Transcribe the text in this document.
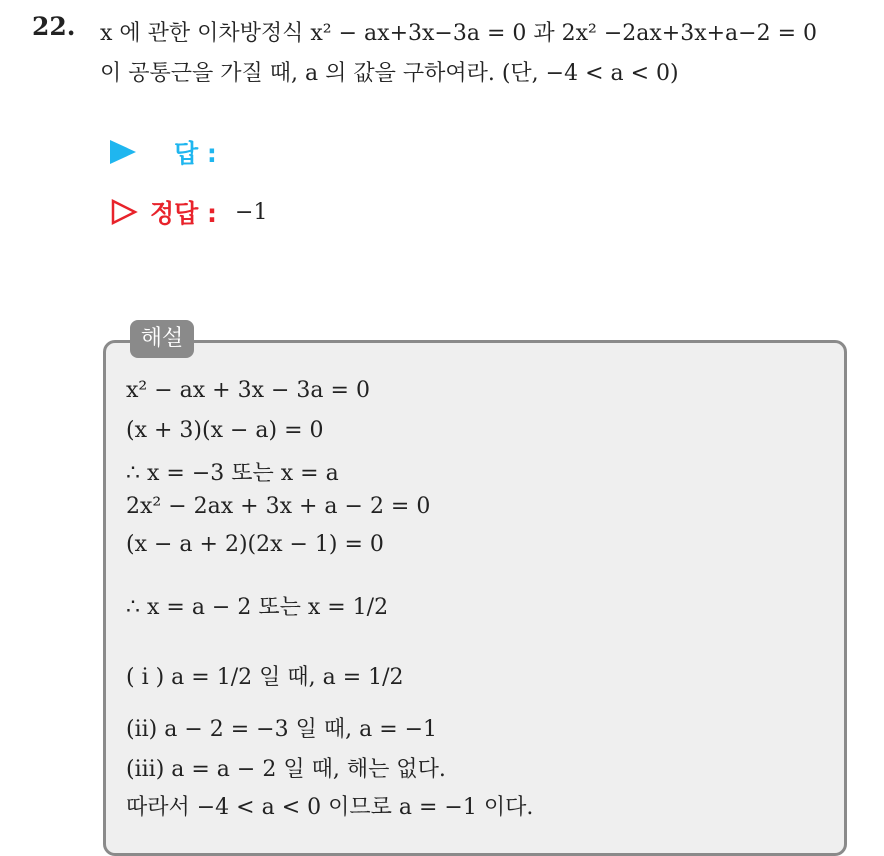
22. x 에 관한 이차방정식 x² − ax+3x−3a = 0 과 2x² −2ax+3x+a−2 = 0
이 공통근을 가질 때, a 의 값을 구하여라. (단, −4 < a < 0)
답 :
정답 : −1
해설
x² − ax + 3x − 3a = 0
(x + 3)(x − a) = 0
∴ x = −3 또는 x = a
2x² − 2ax + 3x + a − 2 = 0
(x − a + 2)(2x − 1) = 0
∴ x = a − 2 또는 x = 1/2
( i ) a = 1/2 일 때, a = 1/2
(ii) a − 2 = −3 일 때, a = −1
(iii) a = a − 2 일 때, 해는 없다.
따라서 −4 < a < 0 이므로 a = −1 이다.
